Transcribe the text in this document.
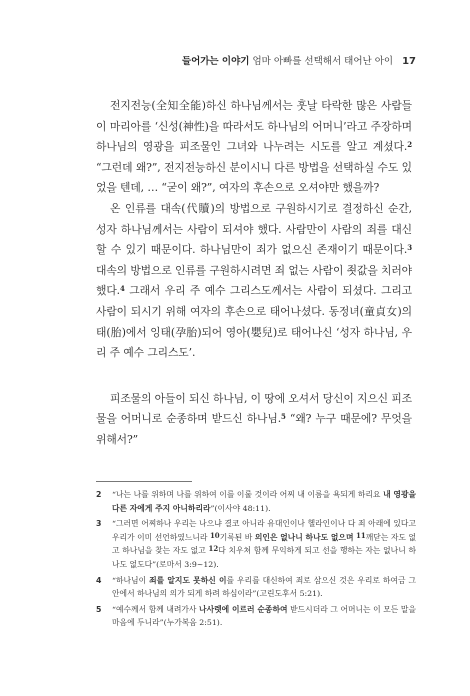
들어가는 이야기 엄마 아빠를 선택해서 태어난 아이 17

전지전능(全知全能)하신 하나님께서는 훗날 타락한 많은 사람들이 마리아를 ‘신성(神性)을 따라서도 하나님의 어머니’라고 주장하며 하나님의 영광을 피조물인 그녀와 나누려는 시도를 알고 계셨다.$^2$ “그런데 왜?”, 전지전능하신 분이시니 다른 방법을 선택하실 수도 있었을 텐데, … “굳이 왜?”, 여자의 후손으로 오셔야만 했을까?

온 인류를 대속(代贖)의 방법으로 구원하시기로 결정하신 순간, 성자 하나님께서는 사람이 되셔야 했다. 사람만이 사람의 죄를 대신할 수 있기 때문이다. 하나님만이 죄가 없으신 존재이기 때문이다.$^3$ 대속의 방법으로 인류를 구원하시려면 죄 없는 사람이 죗값을 치러야 했다.$^4$ 그래서 우리 주 예수 그리스도께서는 사람이 되셨다. 그리고 사람이 되시기 위해 여자의 후손으로 태어나셨다. 동정녀(童貞女)의 태(胎)에서 잉태(孕胎)되어 영아(嬰兒)로 태어나신 ‘성자 하나님, 우리 주 예수 그리스도’.

피조물의 아들이 되신 하나님, 이 땅에 오셔서 당신이 지으신 피조물을 어머니로 순종하며 받드신 하나님.$^5$ “왜? 누구 때문에? 무엇을 위해서?”

2	“나는 나를 위하며 나를 위하여 이를 이룰 것이라 어찌 내 이름을 욕되게 하리요 내 영광을 다른 자에게 주지 아니하리라”(이사야 48:11).
3	“그러면 어찌하나 우리는 나으냐 결코 아니라 유대인이나 헬라인이나 다 죄 아래에 있다고 우리가 이미 선언하였느니라 $^{10}$기록된 바 의인은 없나니 하나도 없으며 $^{11}$깨닫는 자도 없고 하나님을 찾는 자도 없고 $^{12}$다 치우쳐 함께 무익하게 되고 선을 행하는 자는 없나니 하나도 없도다”(로마서 3:9~12).
4	“하나님이 죄를 알지도 못하신 이를 우리를 대신하여 죄로 삼으신 것은 우리로 하여금 그 안에서 하나님의 의가 되게 하려 하심이라”(고린도후서 5:21).
5	“예수께서 함께 내려가사 나사렛에 이르러 순종하여 받드시더라 그 어머니는 이 모든 말을 마음에 두니라”(누가복음 2:51).
